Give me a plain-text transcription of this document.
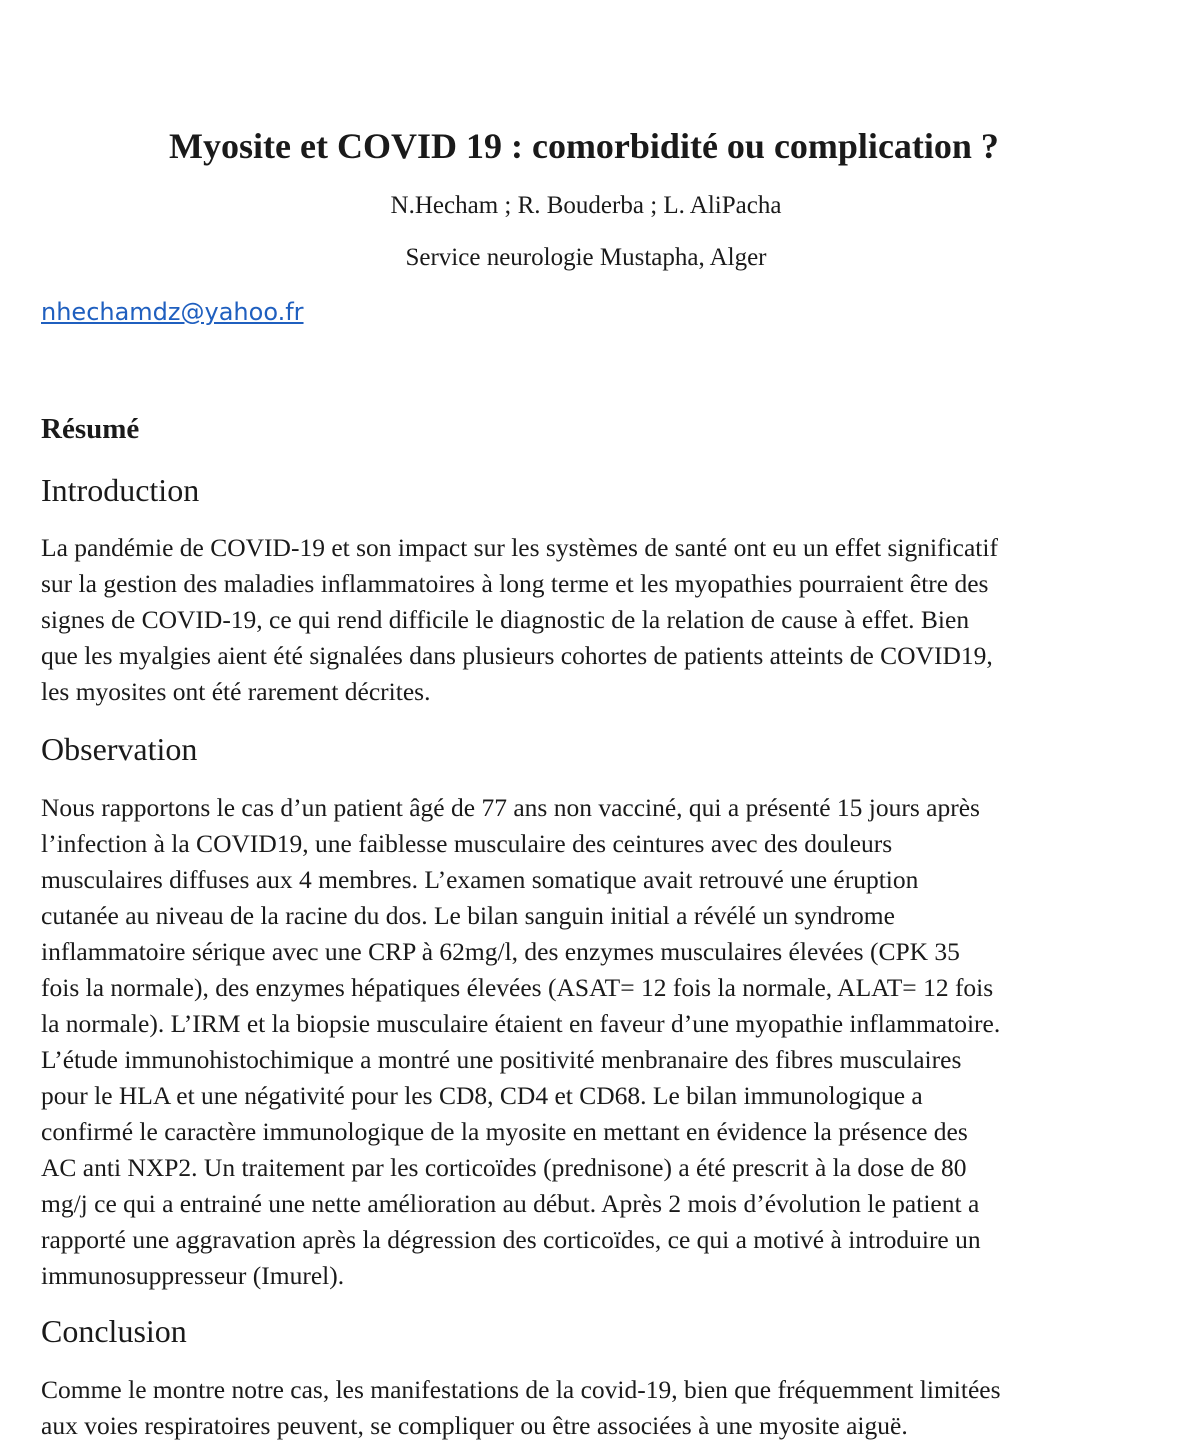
Myosite et COVID 19 : comorbidité ou complication ?
N.Hecham ; R. Bouderba ; L. AliPacha
Service neurologie Mustapha, Alger
nhechamdz@yahoo.fr
Résumé
Introduction

La pandémie de COVID-19 et son impact sur les systèmes de santé ont eu un effet significatif
sur la gestion des maladies inflammatoires à long terme et les myopathies pourraient être des
signes de COVID-19, ce qui rend difficile le diagnostic de la relation de cause à effet. Bien
que les myalgies aient été signalées dans plusieurs cohortes de patients atteints de COVID19,
les myosites ont été rarement décrites.

Observation

Nous rapportons le cas d’un patient âgé de 77 ans non vacciné, qui a présenté 15 jours après
l’infection à la COVID19, une faiblesse musculaire des ceintures avec des douleurs
musculaires diffuses aux 4 membres. L’examen somatique avait retrouvé une éruption
cutanée au niveau de la racine du dos. Le bilan sanguin initial a révélé un syndrome
inflammatoire sérique avec une CRP à 62mg/l, des enzymes musculaires élevées (CPK 35
fois la normale), des enzymes hépatiques élevées (ASAT= 12 fois la normale, ALAT= 12 fois
la normale). L’IRM et la biopsie musculaire étaient en faveur d’une myopathie inflammatoire.
L’étude immunohistochimique a montré une positivité menbranaire des fibres musculaires
pour le HLA et une négativité pour les CD8, CD4 et CD68. Le bilan immunologique a
confirmé le caractère immunologique de la myosite en mettant en évidence la présence des
AC anti NXP2. Un traitement par les corticoïdes (prednisone) a été prescrit à la dose de 80
mg/j ce qui a entrainé une nette amélioration au début. Après 2 mois d’évolution le patient a
rapporté une aggravation après la dégression des corticoïdes, ce qui a motivé à introduire un
immunosuppresseur (Imurel).

Conclusion

Comme le montre notre cas, les manifestations de la covid-19, bien que fréquemment limitées
aux voies respiratoires peuvent, se compliquer ou être associées à une myosite aiguë.
